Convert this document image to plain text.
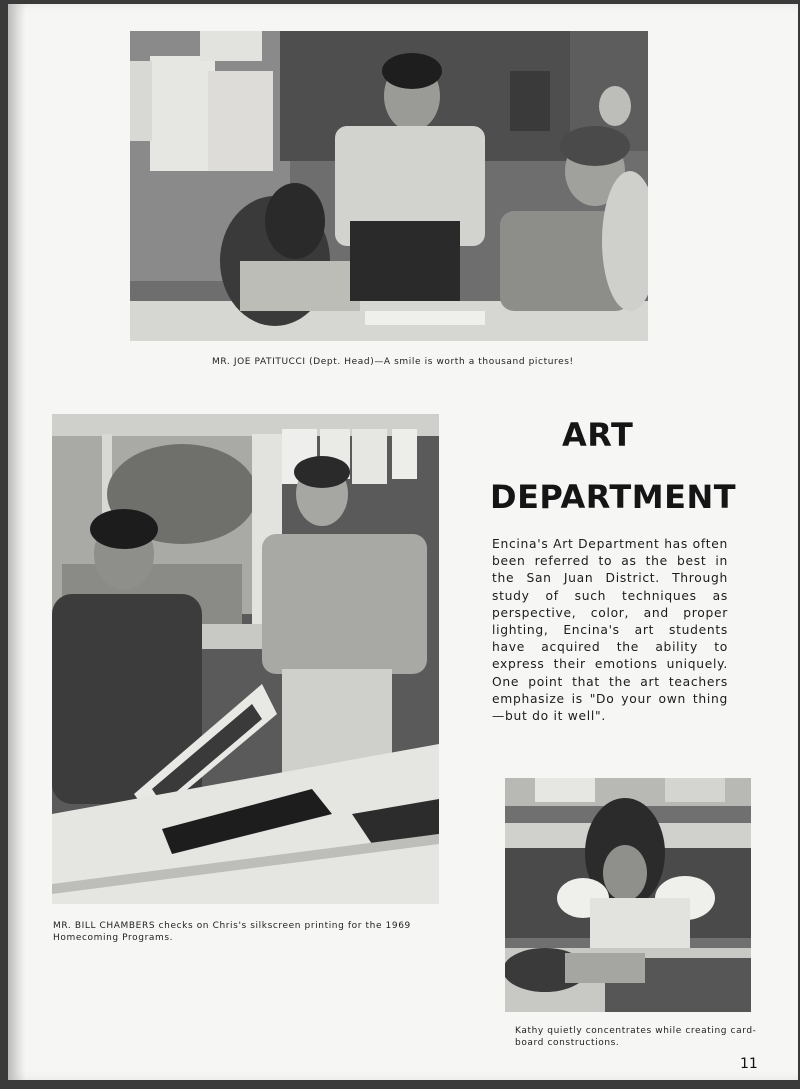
MR. JOE PATITUCCI (Dept. Head)—A smile is worth a thousand pictures!
MR. BILL CHAMBERS checks on Chris's silkscreen printing for the 1969 Homecoming Programs.
ART
DEPARTMENT
Encina's Art Department has often been referred to as the best in the San Juan District. Through study of such techniques as perspective, color, and proper lighting, Encina's art students have acquired the ability to express their emotions uniquely. One point that the art teachers emphasize is "Do your own thing—but do it well".
Kathy quietly concentrates while creating card-board constructions.
11
